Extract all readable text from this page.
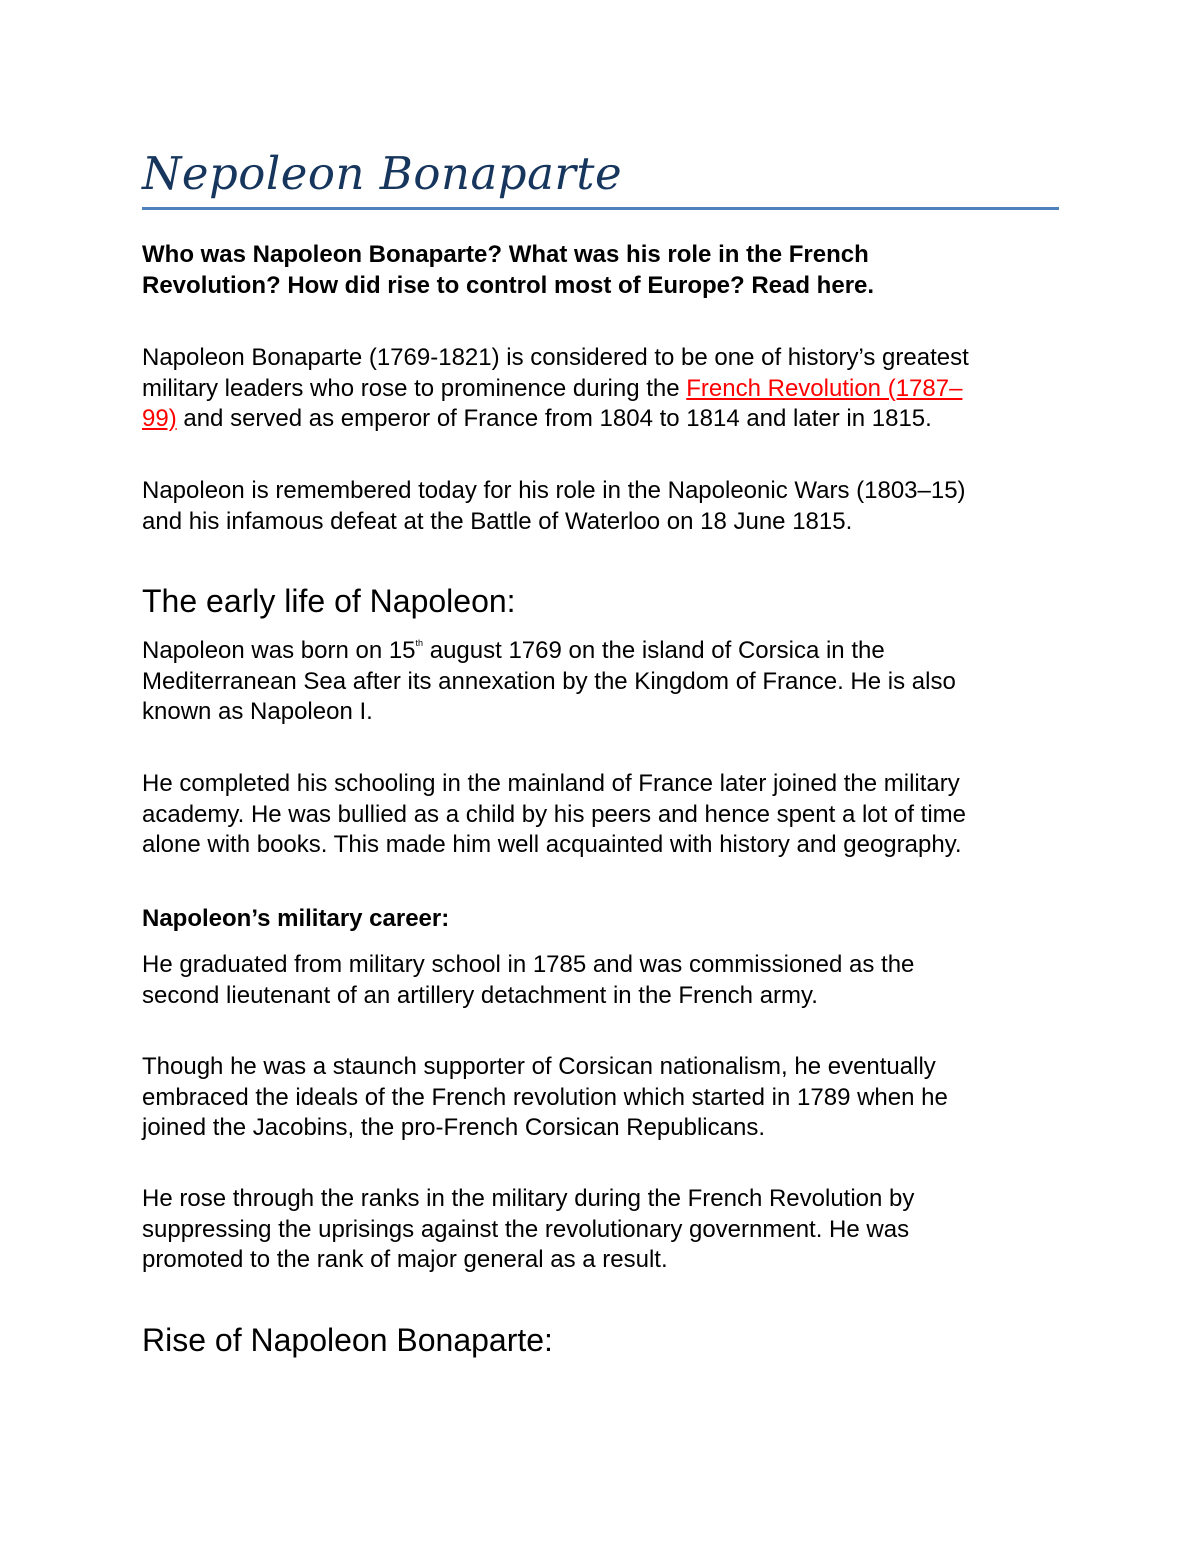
Nepoleon Bonaparte
Who was Napoleon Bonaparte? What was his role in the French
Revolution? How did rise to control most of Europe? Read here.
Napoleon Bonaparte (1769-1821) is considered to be one of history’s greatest
military leaders who rose to prominence during the French Revolution (1787–
99) and served as emperor of France from 1804 to 1814 and later in 1815.
Napoleon is remembered today for his role in the Napoleonic Wars (1803–15)
and his infamous defeat at the Battle of Waterloo on 18 June 1815.
The early life of Napoleon:
Napoleon was born on 15th august 1769 on the island of Corsica in the
Mediterranean Sea after its annexation by the Kingdom of France. He is also
known as Napoleon I.
He completed his schooling in the mainland of France later joined the military
academy. He was bullied as a child by his peers and hence spent a lot of time
alone with books. This made him well acquainted with history and geography.
Napoleon’s military career:
He graduated from military school in 1785 and was commissioned as the
second lieutenant of an artillery detachment in the French army.
Though he was a staunch supporter of Corsican nationalism, he eventually
embraced the ideals of the French revolution which started in 1789 when he
joined the Jacobins, the pro-French Corsican Republicans.
He rose through the ranks in the military during the French Revolution by
suppressing the uprisings against the revolutionary government. He was
promoted to the rank of major general as a result.
Rise of Napoleon Bonaparte:
